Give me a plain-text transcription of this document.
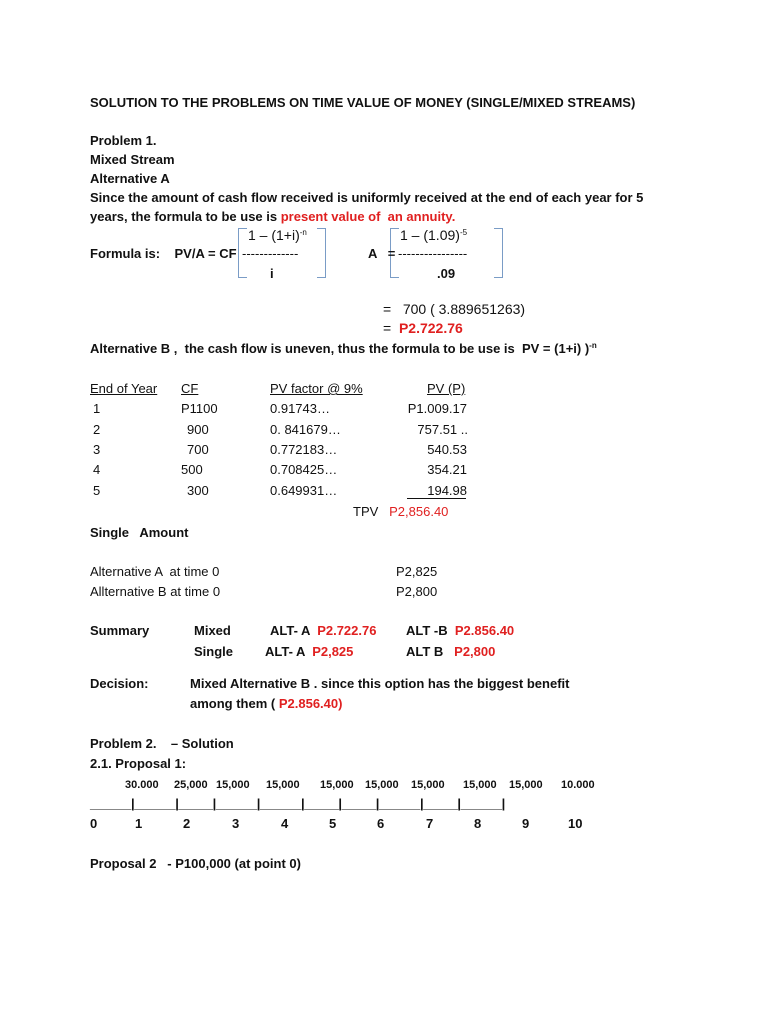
SOLUTION TO THE PROBLEMS ON TIME VALUE OF MONEY (SINGLE/MIXED STREAMS)
Problem 1.
Mixed Stream
Alternative A
Since the amount of cash flow received is uniformly received at the end of each year for 5
years, the formula to be use is present value of  an annuity.
$1 - (1+i)^{-n}$
Formula is:    PV/A = CF -------------
i
$1 - (1.09)^{-5}$
A   = ----------------
.09
=   700 ( 3.889651263)
= P2.722.76
Alternative B ,  the cash flow is uneven, thus the formula to be use is  PV = (1+i) )$^{-n}$
End of Year CF	PV factor @ 9%	PV (P)
1	P1100	0.91743…	P1.009.17
2	900	0. 841679…	757.51 ..
3	700	0.772183…	540.53
4	500	0.708425…	354.21
5	300	0.649931…	194.98
TPV P2,856.40
Single   Amount
Alternative A  at time 0	P2,825
Allternative B at time 0	P2,800
Summary	Mixed	ALT- A P2.722.76 ALT -B P2.856.40
Single ALT- A P2,825	ALT B P2,800
Decision:	Mixed Alternative B . since this option has the biggest benefit
among them ( P2.856.40)
Problem 2.    – Solution
2.1. Proposal 1:
30.000 25,000 15,000 15,000 15,000 15,000 15,000 15,000 15,000 10.000
______|______|_____|______|______|_____|_____|______|_____|______|
0	1	2	3	4	5	6	7	8	9	10
Proposal 2   - P100,000 (at point 0)
